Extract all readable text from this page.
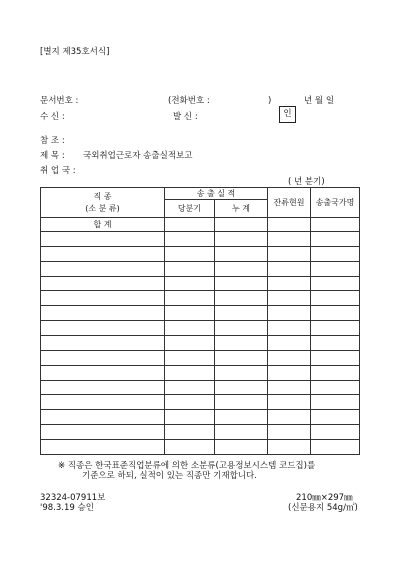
[별지 제35호서식]
문서번호 :	(전화번호 :	)	년 월 일
수 신 :	발 신 :	인
참 조 :
제 목 : 국외취업근로자 송출실적보고
취 업 국 :
( 년 분기)
직 종
(소 분 류)	송 출 실 적		잔류현원	송출국가명
	당분기	누 계		
합 계				

※ 직종은 한국표준직업분류에 의한 소분류(고용정보시스템 코드집)를
기준으로 하되, 실적이 있는 직종만 기재합니다.
32324-07911보
'98.3.19 승인
210㎜×297㎜
(신문용지 54g/㎡)
